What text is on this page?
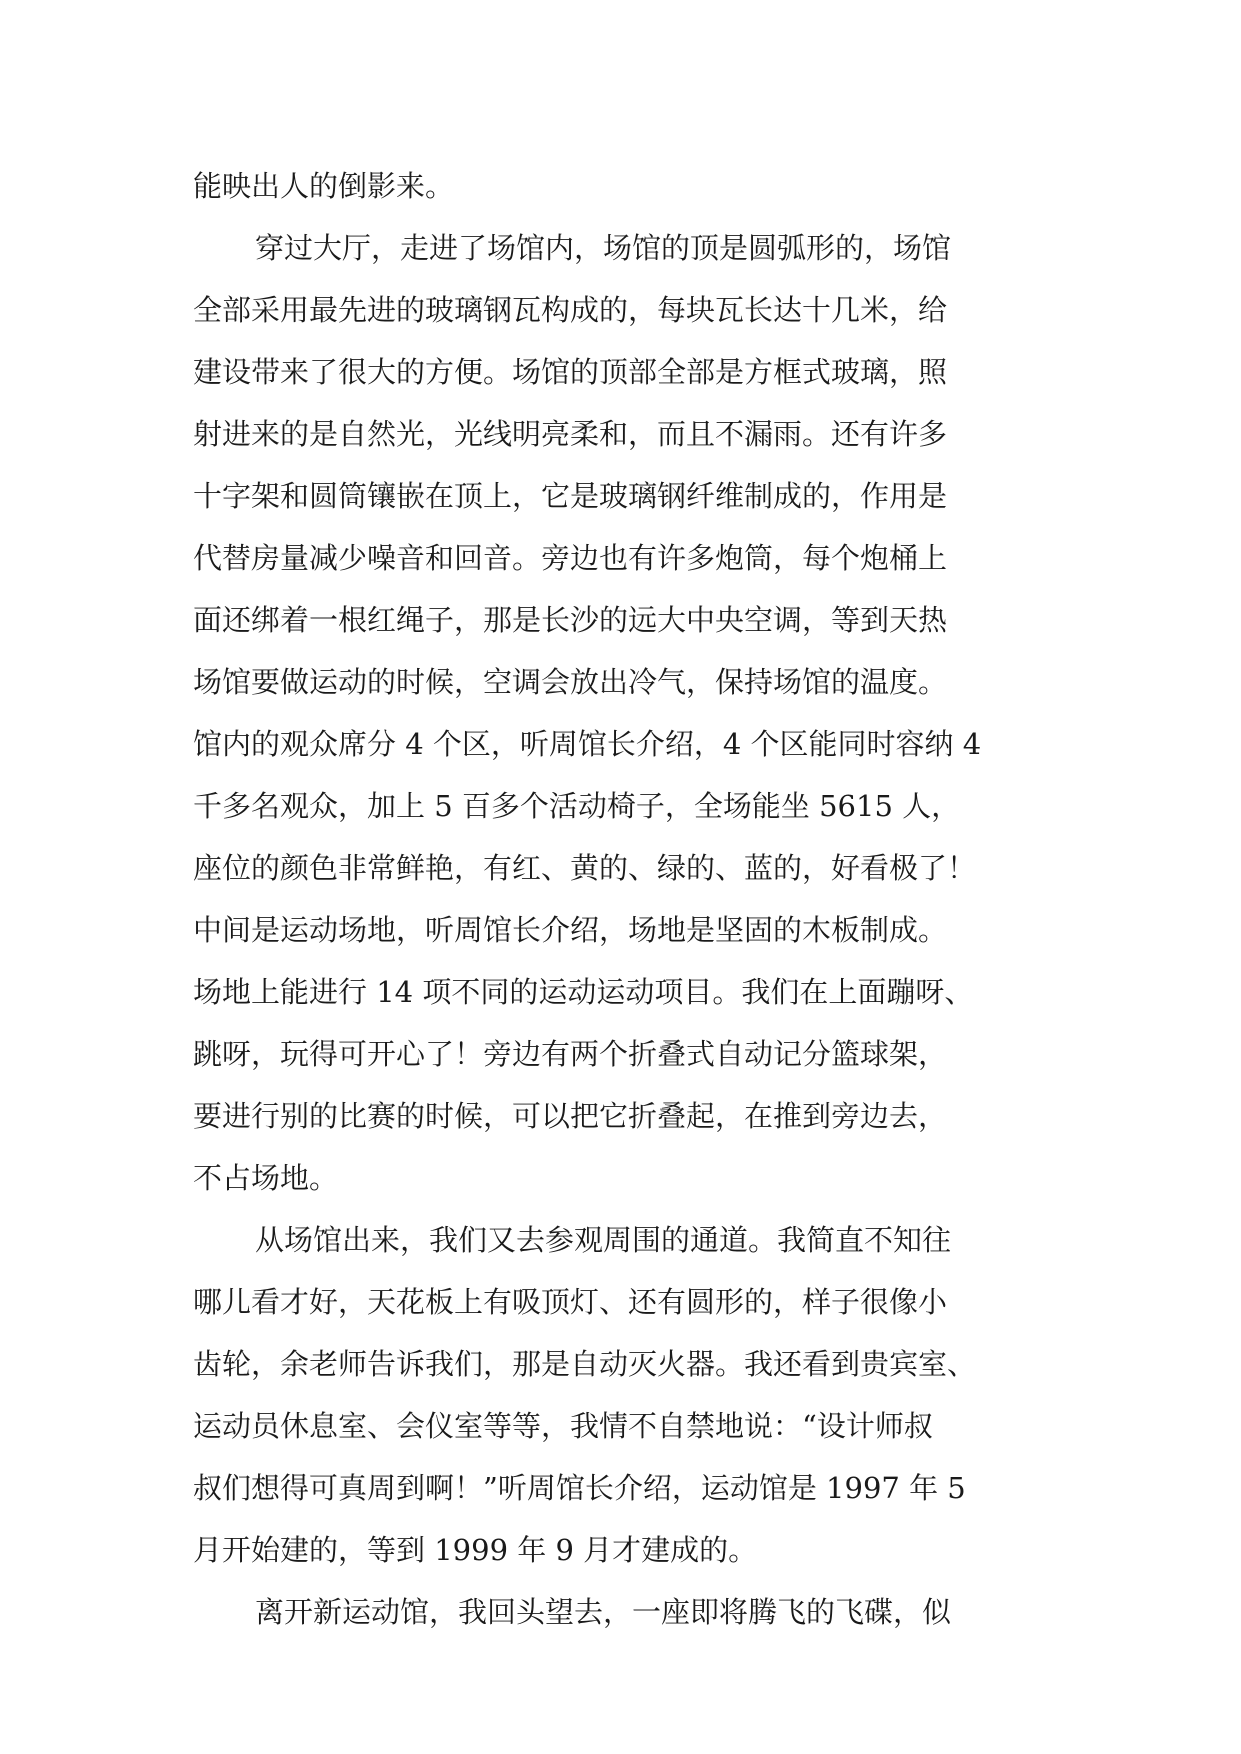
能映出人的倒影来。

穿过大厅，走进了场馆内，场馆的顶是圆弧形的，场馆

全部采用最先进的玻璃钢瓦构成的，每块瓦长达十几米，给

建设带来了很大的方便。场馆的顶部全部是方框式玻璃，照

射进来的是自然光，光线明亮柔和，而且不漏雨。还有许多

十字架和圆筒镶嵌在顶上，它是玻璃钢纤维制成的，作用是

代替房量减少噪音和回音。旁边也有许多炮筒，每个炮桶上

面还绑着一根红绳子，那是长沙的远大中央空调，等到天热

场馆要做运动的时候，空调会放出冷气，保持场馆的温度。

馆内的观众席分 4 个区，听周馆长介绍，4 个区能同时容纳 4

千多名观众，加上 5 百多个活动椅子，全场能坐 5615 人，

座位的颜色非常鲜艳，有红、黄的、绿的、蓝的，好看极了！

中间是运动场地，听周馆长介绍，场地是坚固的木板制成。

场地上能进行 14 项不同的运动运动项目。我们在上面蹦呀、

跳呀，玩得可开心了！旁边有两个折叠式自动记分篮球架，

要进行别的比赛的时候，可以把它折叠起，在推到旁边去，

不占场地。

从场馆出来，我们又去参观周围的通道。我简直不知往

哪儿看才好，天花板上有吸顶灯、还有圆形的，样子很像小

齿轮，余老师告诉我们，那是自动灭火器。我还看到贵宾室、

运动员休息室、会仪室等等，我情不自禁地说：“设计师叔

叔们想得可真周到啊！”听周馆长介绍，运动馆是 1997 年 5

月开始建的，等到 1999 年 9 月才建成的。

离开新运动馆，我回头望去，一座即将腾飞的飞碟，似
